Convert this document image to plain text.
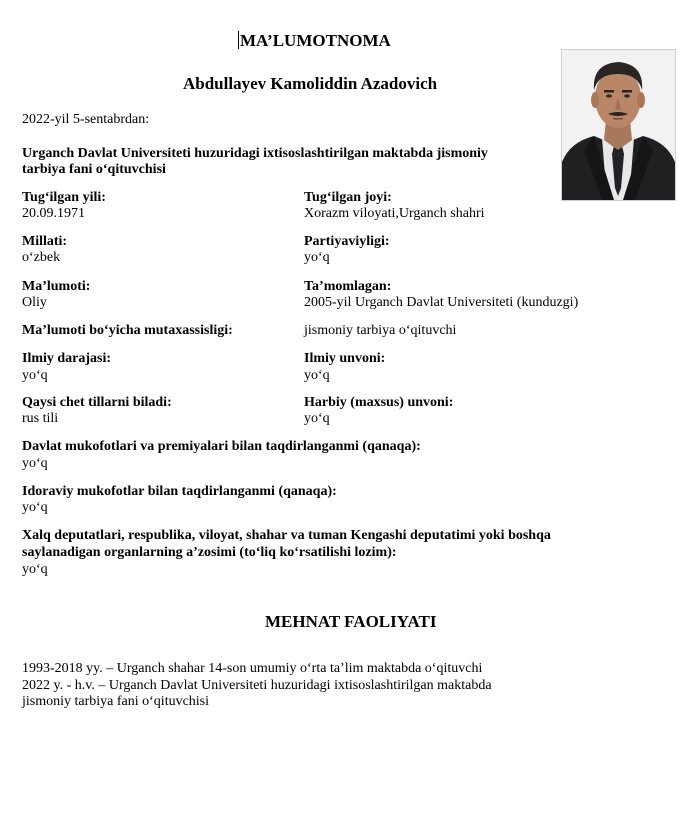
MA’LUMOTNOMA
Abdullayev Kamoliddin Azadovich
2022-yil 5-sentabrdan:
Urganch Davlat Universiteti huzuridagi ixtisoslashtirilgan maktabda jismoniy
tarbiya fani o‘qituvchisi
Tug‘ilgan yili:
20.09.1971
Tug‘ilgan joyi:
Xorazm viloyati,Urganch shahri
Millati:
o‘zbek
Partiyaviyligi:
yo‘q
Ma’lumoti:
Oliy
Ta’momlagan:
2005-yil Urganch Davlat Universiteti (kunduzgi)
Ma’lumoti bo‘yicha mutaxassisligi:	jismoniy tarbiya o‘qituvchi
Ilmiy darajasi:
yo‘q
Ilmiy unvoni:
yo‘q
Qaysi chet tillarni biladi:
rus tili
Harbiy (maxsus) unvoni:
yo‘q
Davlat mukofotlari va premiyalari bilan taqdirlanganmi (qanaqa):
yo‘q
Idoraviy mukofotlar bilan taqdirlanganmi (qanaqa):
yo‘q
Xalq deputatlari, respublika, viloyat, shahar va tuman Kengashi deputatimi yoki boshqa
saylanadigan organlarning a’zosimi (to‘liq ko‘rsatilishi lozim):
yo‘q
MEHNAT FAOLIYATI
1993-2018 yy. – Urganch shahar 14-son umumiy o‘rta ta’lim maktabda o‘qituvchi
2022 y. - h.v. – Urganch Davlat Universiteti huzuridagi ixtisoslashtirilgan maktabda
jismoniy tarbiya fani o‘qituvchisi
